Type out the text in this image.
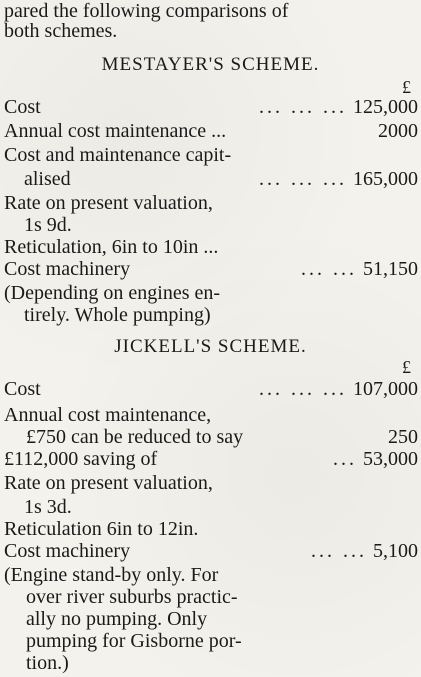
pared the following comparisons of
both schemes.
MESTAYER'S SCHEME.
£
Cost	... ... ... 125,000
Annual cost maintenance ...	2000
Cost and maintenance capit-
alised	... ... ... 165,000
Rate on present valuation,
1s 9d.
Reticulation, 6in to 10in ...
Cost machinery	... ... 51,150
(Depending on engines en-
tirely. Whole pumping)
JICKELL'S SCHEME.
£
Cost	... ... ... 107,000
Annual cost maintenance,
£750 can be reduced to say	250
£112,000 saving of	... 53,000
Rate on present valuation,
1s 3d.
Reticulation 6in to 12in.
Cost machinery	... ... 5,100
(Engine stand-by only. For
over river suburbs practic-
ally no pumping. Only
pumping for Gisborne por-
tion.)
